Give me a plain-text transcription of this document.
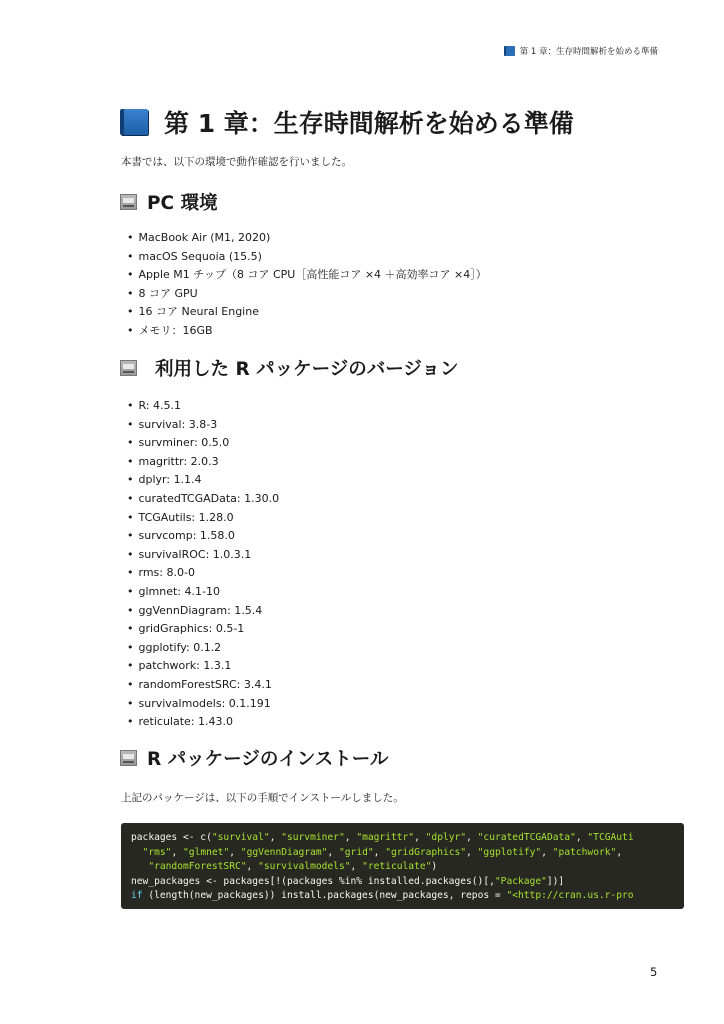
第 1 章：生存時間解析を始める準備
第 1 章：生存時間解析を始める準備

本書では、以下の環境で動作確認を行いました。

PC 環境
• MacBook Air (M1, 2020)
• macOS Sequoia (15.5)
• Apple M1 チップ（8 コア CPU［高性能コア ×4 ＋高効率コア ×4］）
• 8 コア GPU
• 16 コア Neural Engine
• メモリ：16GB
利用した R パッケージのバージョン
• R: 4.5.1
• survival: 3.8-3
• survminer: 0.5.0
• magrittr: 2.0.3
• dplyr: 1.1.4
• curatedTCGAData: 1.30.0
• TCGAutils: 1.28.0
• survcomp: 1.58.0
• survivalROC: 1.0.3.1
• rms: 8.0-0
• glmnet: 4.1-10
• ggVennDiagram: 1.5.4
• gridGraphics: 0.5-1
• ggplotify: 0.1.2
• patchwork: 1.3.1
• randomForestSRC: 3.4.1
• survivalmodels: 0.1.191
• reticulate: 1.43.0
R パッケージのインストール

上記のパッケージは、以下の手順でインストールしました。

packages <- c("survival", "survminer", "magrittr", "dplyr", "curatedTCGAData", "TCGAuti
"rms", "glmnet", "ggVennDiagram", "grid", "gridGraphics", "ggplotify", "patchwork",
"randomForestSRC", "survivalmodels", "reticulate")
new_packages <- packages[!(packages %in% installed.packages()[,"Package"])]
if (length(new_packages)) install.packages(new_packages, repos = "<http://cran.us.r-pro
5
